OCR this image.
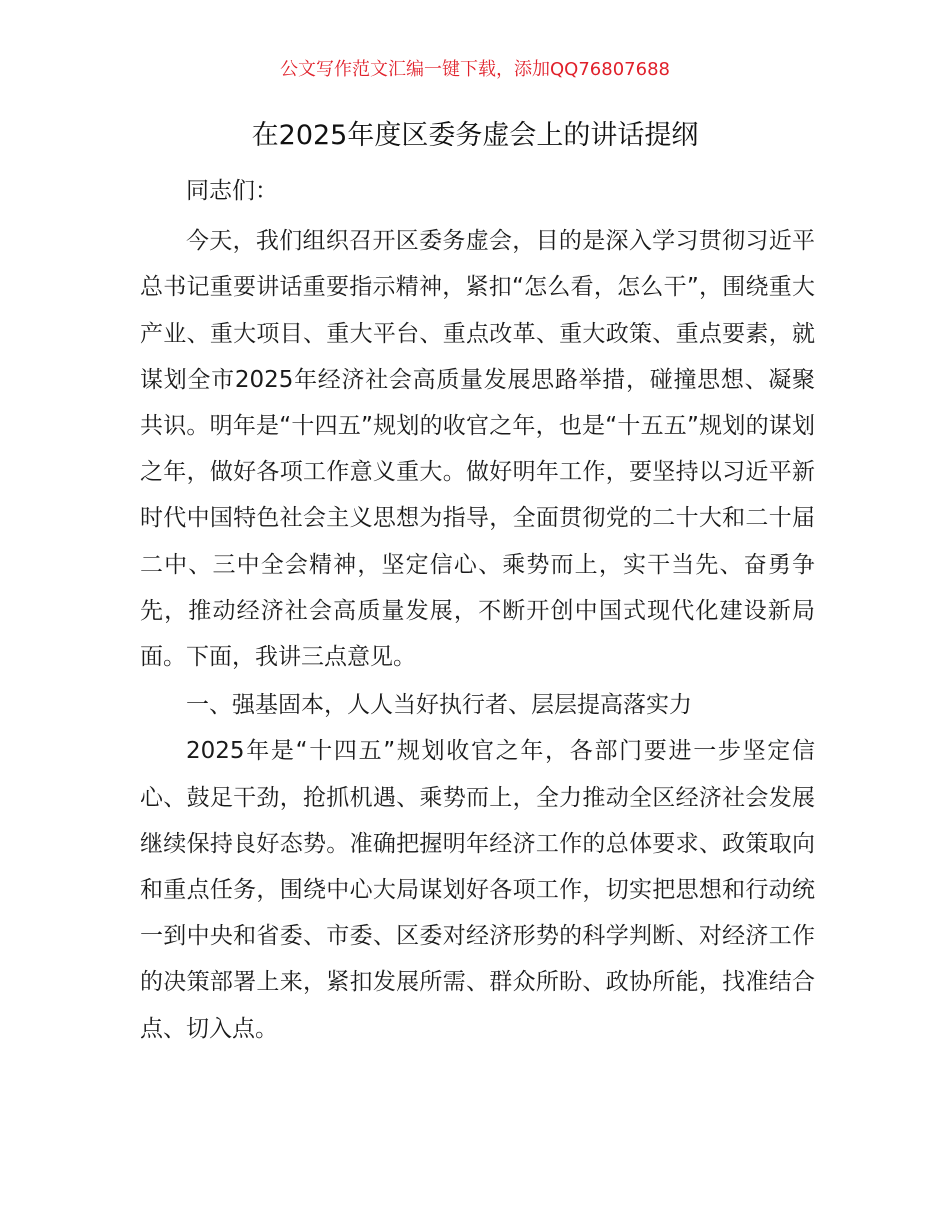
公文写作范文汇编一键下载，添加QQ76807688
在2025年度区委务虚会上的讲话提纲

同志们：

今天，我们组织召开区委务虚会，目的是深入学习贯彻习近平总书记重要讲话重要指示精神，紧扣“怎么看，怎么干”，围绕重大产业、重大项目、重大平台、重点改革、重大政策、重点要素，就谋划全市2025年经济社会高质量发展思路举措，碰撞思想、凝聚共识。明年是“十四五”规划的收官之年，也是“十五五”规划的谋划之年，做好各项工作意义重大。做好明年工作，要坚持以习近平新时代中国特色社会主义思想为指导，全面贯彻党的二十大和二十届二中、三中全会精神，坚定信心、乘势而上，实干当先、奋勇争先，推动经济社会高质量发展，不断开创中国式现代化建设新局面。下面，我讲三点意见。

一、强基固本，人人当好执行者、层层提高落实力

2025年是“十四五”规划收官之年，各部门要进一步坚定信心、鼓足干劲，抢抓机遇、乘势而上，全力推动全区经济社会发展继续保持良好态势。准确把握明年经济工作的总体要求、政策取向和重点任务，围绕中心大局谋划好各项工作，切实把思想和行动统一到中央和省委、市委、区委对经济形势的科学判断、对经济工作的决策部署上来，紧扣发展所需、群众所盼、政协所能，找准结合点、切入点。
